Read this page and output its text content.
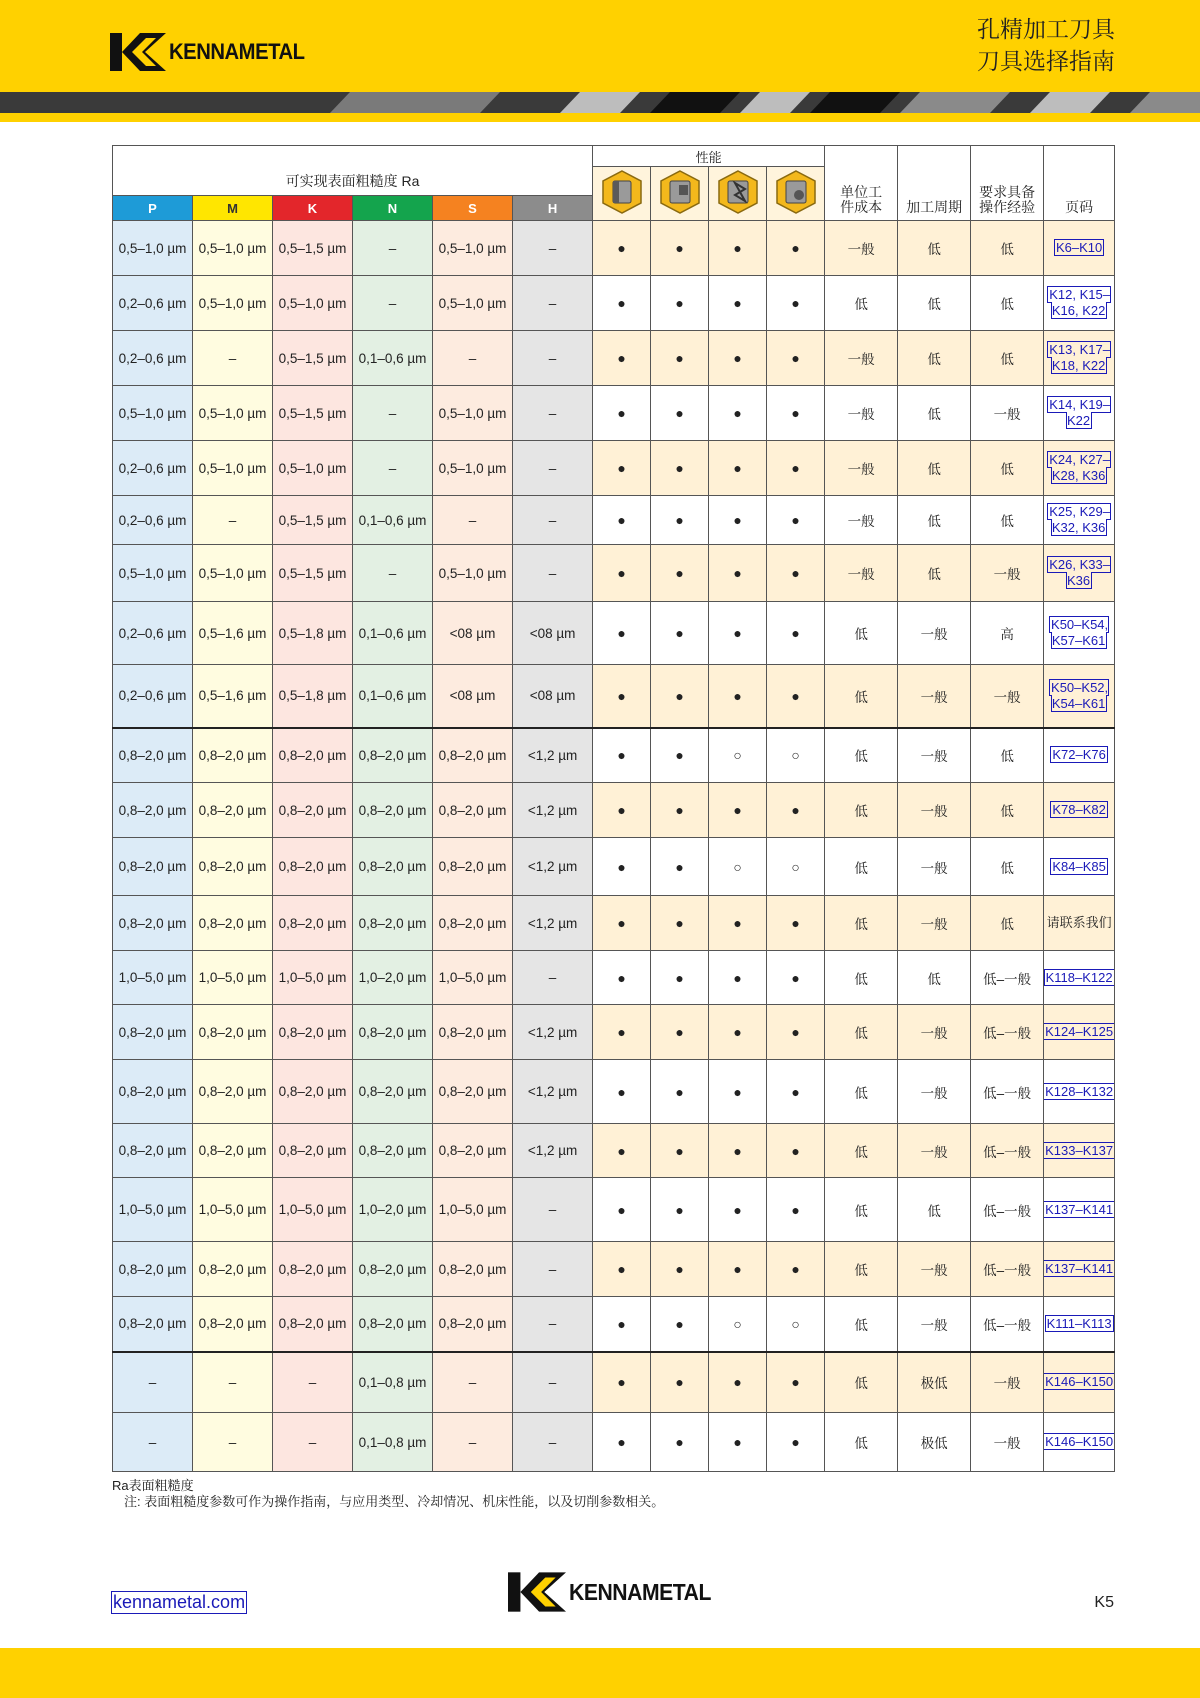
KENNAMETAL
孔精加工刀具
刀具选择指南
可实现表面粗糙度 Ra						性能				单位工件成本	加工周期	要求具备操作经验	页码

P	M	K	N	S	H								
0,5–1,0 µm	0,5–1,0 µm	0,5–1,5 µm	–	0,5–1,0 µm	–	●	●	●	●	一般	低	低	K6–K10
0,2–0,6 µm	0,5–1,0 µm	0,5–1,0 µm	–	0,5–1,0 µm	–	●	●	●	●	低	低	低	K12, K15–K16, K22
0,2–0,6 µm	–	0,5–1,5 µm	0,1–0,6 µm	–	–	●	●	●	●	一般	低	低	K13, K17–K18, K22
0,5–1,0 µm	0,5–1,0 µm	0,5–1,5 µm	–	0,5–1,0 µm	–	●	●	●	●	一般	低	一般	K14, K19–K22
0,2–0,6 µm	0,5–1,0 µm	0,5–1,0 µm	–	0,5–1,0 µm	–	●	●	●	●	一般	低	低	K24, K27–K28, K36
0,2–0,6 µm	–	0,5–1,5 µm	0,1–0,6 µm	–	–	●	●	●	●	一般	低	低	K25, K29–K32, K36
0,5–1,0 µm	0,5–1,0 µm	0,5–1,5 µm	–	0,5–1,0 µm	–	●	●	●	●	一般	低	一般	K26, K33–K36
0,2–0,6 µm	0,5–1,6 µm	0,5–1,8 µm	0,1–0,6 µm	<08 µm	<08 µm	●	●	●	●	低	一般	高	K50–K54, K57–K61
0,2–0,6 µm	0,5–1,6 µm	0,5–1,8 µm	0,1–0,6 µm	<08 µm	<08 µm	●	●	●	●	低	一般	一般	K50–K52, K54–K61
0,8–2,0 µm	0,8–2,0 µm	0,8–2,0 µm	0,8–2,0 µm	0,8–2,0 µm	<1,2 µm	●	●	○	○	低	一般	低	K72–K76
0,8–2,0 µm	0,8–2,0 µm	0,8–2,0 µm	0,8–2,0 µm	0,8–2,0 µm	<1,2 µm	●	●	●	●	低	一般	低	K78–K82
0,8–2,0 µm	0,8–2,0 µm	0,8–2,0 µm	0,8–2,0 µm	0,8–2,0 µm	<1,2 µm	●	●	○	○	低	一般	低	K84–K85
0,8–2,0 µm	0,8–2,0 µm	0,8–2,0 µm	0,8–2,0 µm	0,8–2,0 µm	<1,2 µm	●	●	●	●	低	一般	低	请联系我们
1,0–5,0 µm	1,0–5,0 µm	1,0–5,0 µm	1,0–2,0 µm	1,0–5,0 µm	–	●	●	●	●	低	低	低–一般	K118–K122
0,8–2,0 µm	0,8–2,0 µm	0,8–2,0 µm	0,8–2,0 µm	0,8–2,0 µm	<1,2 µm	●	●	●	●	低	一般	低–一般	K124–K125
0,8–2,0 µm	0,8–2,0 µm	0,8–2,0 µm	0,8–2,0 µm	0,8–2,0 µm	<1,2 µm	●	●	●	●	低	一般	低–一般	K128–K132
0,8–2,0 µm	0,8–2,0 µm	0,8–2,0 µm	0,8–2,0 µm	0,8–2,0 µm	<1,2 µm	●	●	●	●	低	一般	低–一般	K133–K137
1,0–5,0 µm	1,0–5,0 µm	1,0–5,0 µm	1,0–2,0 µm	1,0–5,0 µm	–	●	●	●	●	低	低	低–一般	K137–K141
0,8–2,0 µm	0,8–2,0 µm	0,8–2,0 µm	0,8–2,0 µm	0,8–2,0 µm	–	●	●	●	●	低	一般	低–一般	K137–K141
0,8–2,0 µm	0,8–2,0 µm	0,8–2,0 µm	0,8–2,0 µm	0,8–2,0 µm	–	●	●	○	○	低	一般	低–一般	K111–K113
–	–	–	0,1–0,8 µm	–	–	●	●	●	●	低	极低	一般	K146–K150
–	–	–	0,1–0,8 µm	–	–	●	●	●	●	低	极低	一般	K146–K150
Ra表面粗糙度
注: 表面粗糙度参数可作为操作指南，与应用类型、冷却情况、机床性能，以及切削参数相关。
kennametal.com	KENNAMETAL	K5
